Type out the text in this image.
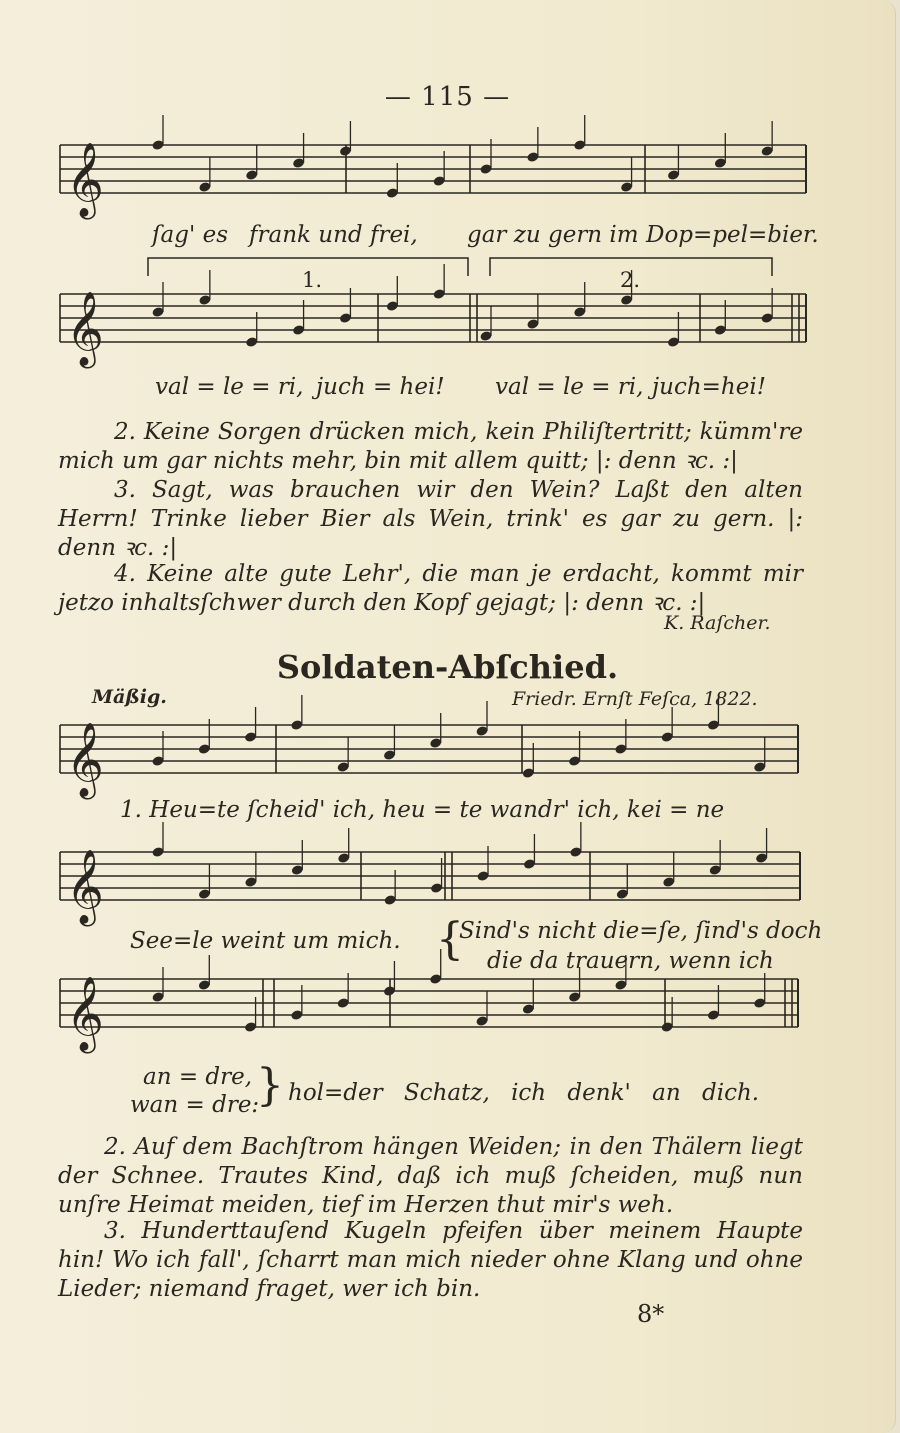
— 115 —
𝄞
𝄞
𝄞
𝄞
𝄞
ſag' es frank und frei, gar zu gern im Dop=pel=bier.
1.	2.
val = le = ri, juch = hei! val = le = ri, juch=hei!
2. Keine Sorgen drücken mich, kein Philiſtertritt; kümm're mich um gar nichts mehr, bin mit allem quitt; |: denn ꝛc. :|
3. Sagt, was brauchen wir den Wein? Laßt den alten Herrn! Trinke lieber Bier als Wein, trink' es gar zu gern. |: denn ꝛc. :|
4. Keine alte gute Lehr', die man je erdacht, kommt mir jetzo inhaltsſchwer durch den Kopf gejagt; |: denn ꝛc. :|
K. Raſcher.
Soldaten-Abſchied.
Mäßig.	Friedr. Ernſt Feſca, 1822.
1. Heu=te ſcheid' ich, heu = te wandr' ich, kei = ne
See=le weint um mich. {
Sind's nicht die=ſe, ſind's doch
die da trauern, wenn ich
an = dre,
wan = dre:
} hol=der Schatz, ich denk' an dich.
2. Auf dem Bachſtrom hängen Weiden; in den Thälern liegt der Schnee. Trautes Kind, daß ich muß ſcheiden, muß nun unſre Heimat meiden, tief im Herzen thut mir's weh.
3. Hunderttauſend Kugeln pfeifen über meinem Haupte hin! Wo ich fall', ſcharrt man mich nieder ohne Klang und ohne Lieder; niemand fraget, wer ich bin.
8*
